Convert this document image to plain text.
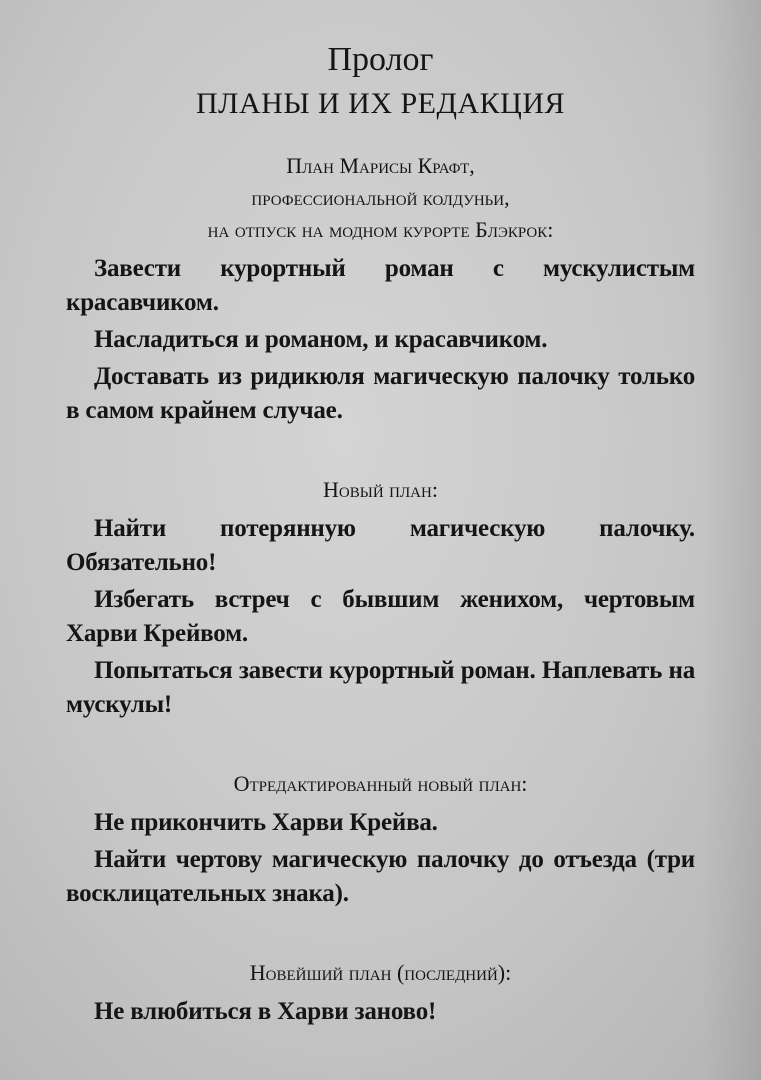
Пролог
ПЛАНЫ И ИХ РЕДАКЦИЯ
План Марисы Крафт,
профессиональной колдуньи,
на отпуск на модном курорте Блэкрок:
Завести курортный роман с мускулистым красавчиком.
Насладиться и романом, и красавчиком.
Доставать из ридикюля магическую палочку только в самом крайнем случае.
Новый план:
Найти потерянную магическую палочку. Обязательно!
Избегать встреч с бывшим женихом, чертовым Харви Крейвом.
Попытаться завести курортный роман. Наплевать на мускулы!
Отредактированный новый план:
Не прикончить Харви Крейва.
Найти чертову магическую палочку до отъезда (три восклицательных знака).
Новейший план (последний):
Не влюбиться в Харви заново!
